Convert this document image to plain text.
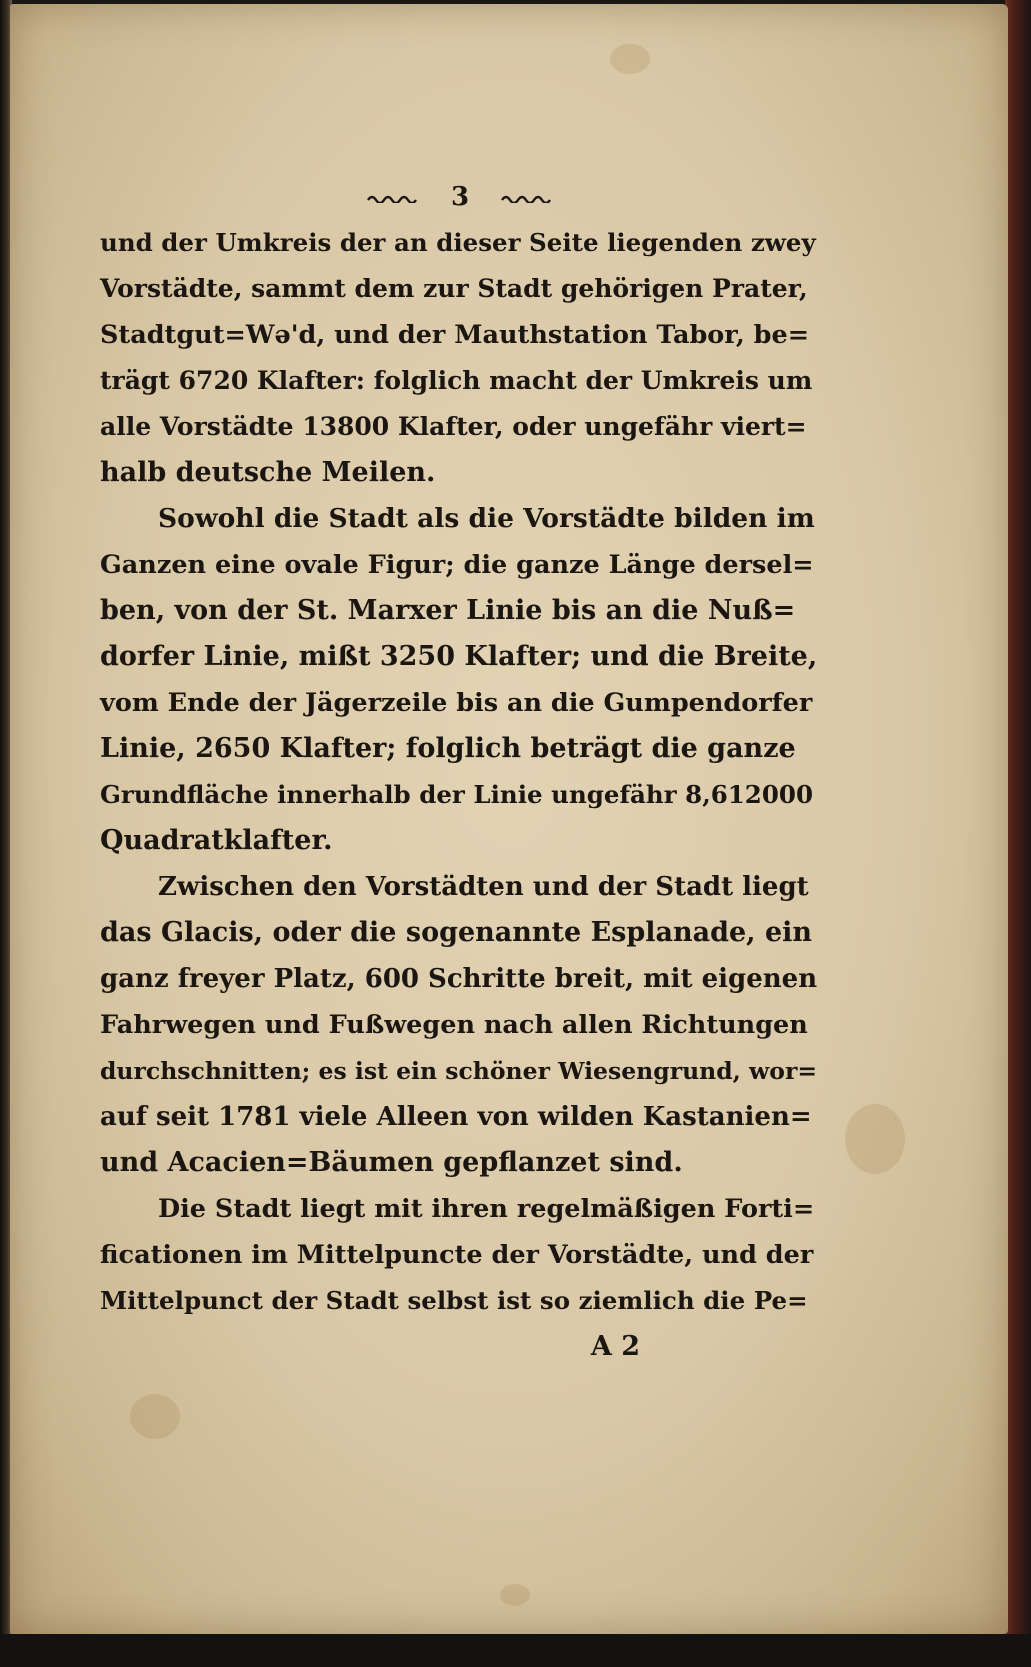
3
und der Umkreis der an dieser Seite liegenden zwey
Vorstädte, sammt dem zur Stadt gehörigen Prater,
Stadtgut=Wə'd, und der Mauthstation Tabor, be=
trägt 6720 Klafter: folglich macht der Umkreis um
alle Vorstädte 13800 Klafter, oder ungefähr viert=
halb deutsche Meilen.
Sowohl die Stadt als die Vorstädte bilden im
Ganzen eine ovale Figur; die ganze Länge dersel=
ben, von der St. Marxer Linie bis an die Nuß=
dorfer Linie, mißt 3250 Klafter; und die Breite,
vom Ende der Jägerzeile bis an die Gumpendorfer
Linie, 2650 Klafter; folglich beträgt die ganze
Grundfläche innerhalb der Linie ungefähr 8,612000
Quadratklafter.
Zwischen den Vorstädten und der Stadt liegt
das Glacis, oder die sogenannte Esplanade, ein
ganz freyer Platz, 600 Schritte breit, mit eigenen
Fahrwegen und Fußwegen nach allen Richtungen
durchschnitten; es ist ein schöner Wiesengrund, wor=
auf seit 1781 viele Alleen von wilden Kastanien=
und Acacien=Bäumen gepflanzet sind.
Die Stadt liegt mit ihren regelmäßigen Forti=
ficationen im Mittelpuncte der Vorstädte, und der
Mittelpunct der Stadt selbst ist so ziemlich die Pe=
A 2
